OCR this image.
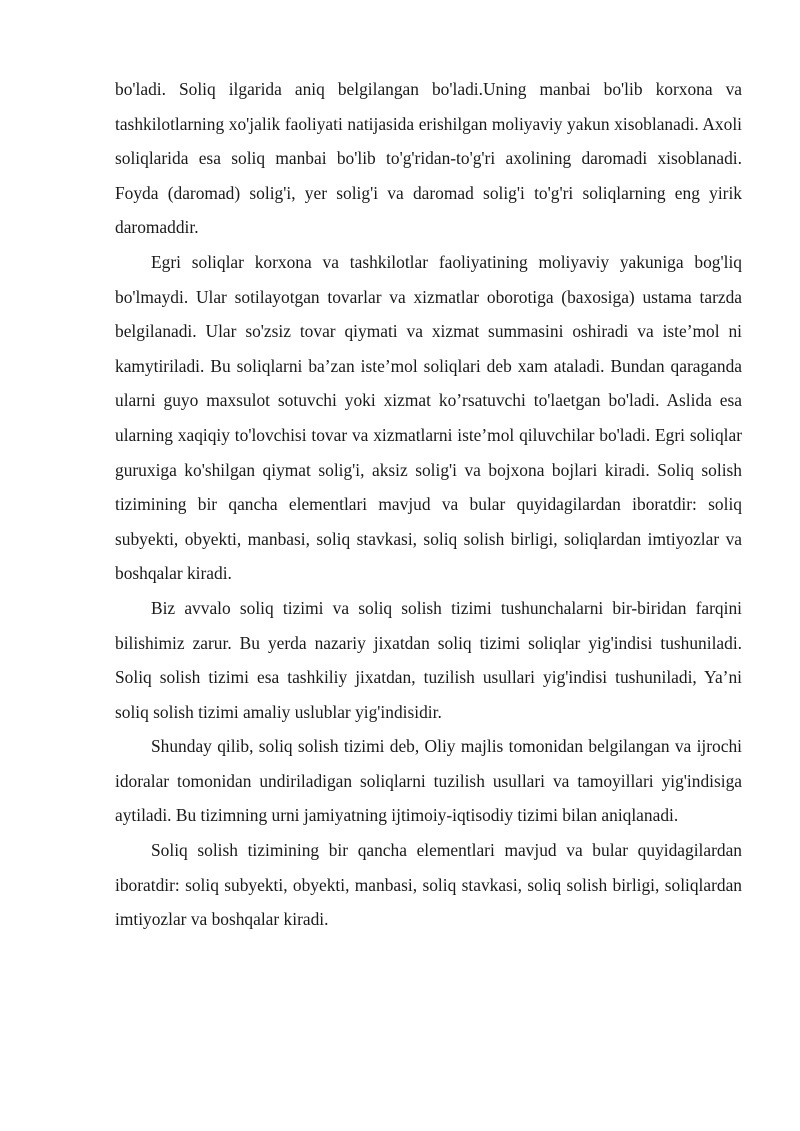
bo'ladi. Soliq ilgarida aniq belgilangan bo'ladi.Uning manbai bo'lib korxona va tashkilotlarning xo'jalik faoliyati natijasida erishilgan moliyaviy yakun xisoblanadi. Axoli soliqlarida esa soliq manbai bo'lib to'g'ridan-to'g'ri axolining daromadi xisoblanadi. Foyda (daromad) solig'i, yer solig'i va daromad solig'i to'g'ri soliqlarning eng yirik daromaddir.

Egri soliqlar korxona va tashkilotlar faoliyatining moliyaviy yakuniga bog'liq bo'lmaydi. Ular sotilayotgan tovarlar va xizmatlar oborotiga (baxosiga) ustama tarzda belgilanadi. Ular so'zsiz tovar qiymati va xizmat summasini oshiradi va iste’mol ni kamytiriladi. Bu soliqlarni ba’zan iste’mol soliqlari deb xam ataladi. Bundan qaraganda ularni guyo maxsulot sotuvchi yoki xizmat ko’rsatuvchi to'laetgan bo'ladi. Aslida esa ularning xaqiqiy to'lovchisi tovar va xizmatlarni iste’mol qiluvchilar bo'ladi. Egri soliqlar guruxiga ko'shilgan qiymat solig'i, aksiz solig'i va bojxona bojlari kiradi. Soliq solish tizimining bir qancha elementlari mavjud va bular quyidagilardan iboratdir: soliq subyekti, obyekti, manbasi, soliq stavkasi, soliq solish birligi, soliqlardan imtiyozlar va boshqalar kiradi.

Biz avvalo soliq tizimi va soliq solish tizimi tushunchalarni bir-biridan farqini bilishimiz zarur. Bu yerda nazariy jixatdan soliq tizimi soliqlar yig'indisi tushuniladi. Soliq solish tizimi esa tashkiliy jixatdan, tuzilish usullari yig'indisi tushuniladi, Ya’ni soliq solish tizimi amaliy uslublar yig'indisidir.

Shunday qilib, soliq solish tizimi deb, Oliy majlis tomonidan belgilangan va ijrochi idoralar tomonidan undiriladigan soliqlarni tuzilish usullari va tamoyillari yig'indisiga aytiladi. Bu tizimning urni jamiyatning ijtimoiy-iqtisodiy tizimi bilan aniqlanadi.

Soliq solish tizimining bir qancha elementlari mavjud va bular quyidagilardan iboratdir: soliq subyekti, obyekti, manbasi, soliq stavkasi, soliq solish birligi, soliqlardan imtiyozlar va boshqalar kiradi.
